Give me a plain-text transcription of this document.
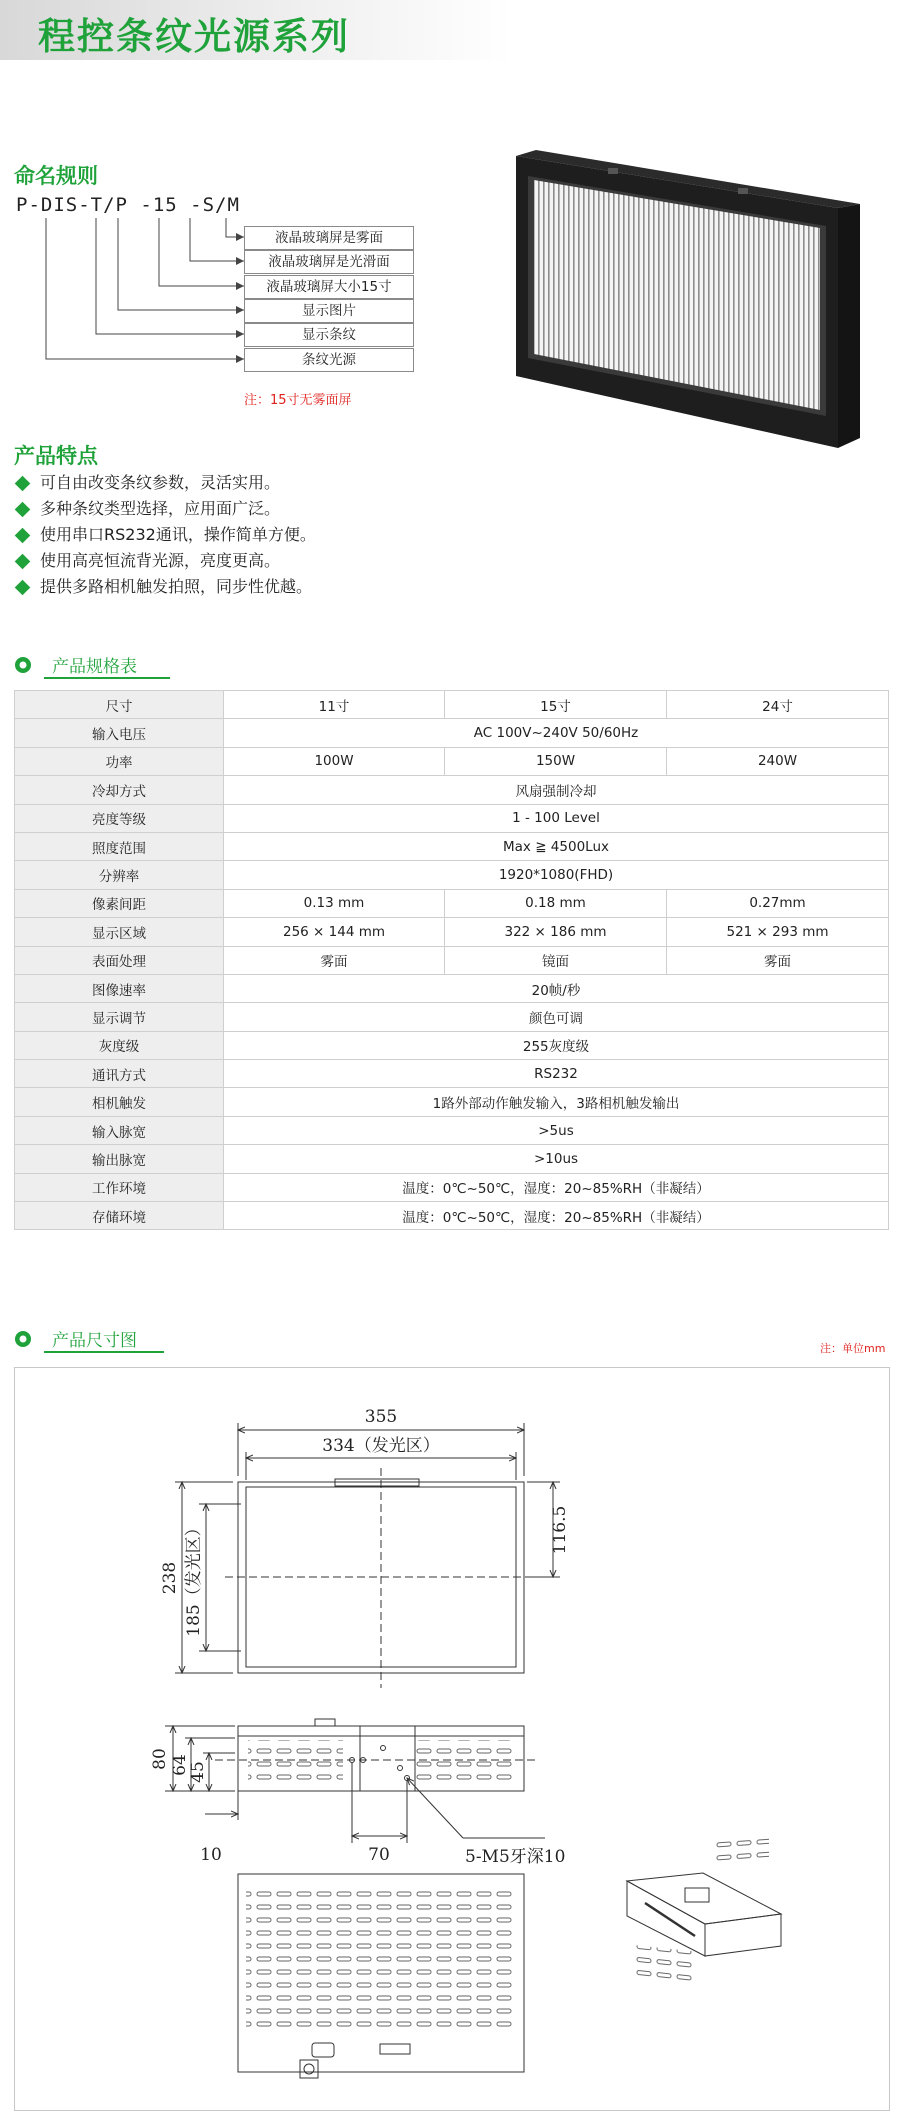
程控条纹光源系列
命名规则
P-DIS-T/P -15 -S/M
液晶玻璃屏是雾面
液晶玻璃屏是光滑面
液晶玻璃屏大小15寸
显示图片
显示条纹
条纹光源
注：15寸无雾面屏
产品特点
可自由改变条纹参数，灵活实用。
多种条纹类型选择，应用面广泛。
使用串口RS232通讯，操作简单方便。
使用高亮恒流背光源，亮度更高。
提供多路相机触发拍照，同步性优越。
产品规格表
尺寸	11寸	15寸	24寸
输入电压	AC 100V~240V 50/60Hz		
功率	100W	150W	240W
冷却方式	风扇强制冷却		
亮度等级	1 - 100 Level		
照度范围	Max ≧ 4500Lux		
分辨率	1920*1080(FHD)		
像素间距	0.13 mm	0.18 mm	0.27mm
显示区域	256 × 144 mm	322 × 186 mm	521 × 293 mm
表面处理	雾面	镜面	雾面
图像速率	20帧/秒		
显示调节	颜色可调		
灰度级	255灰度级		
通讯方式	RS232		
相机触发	1路外部动作触发输入，3路相机触发输出		
输入脉宽	>5us		
输出脉宽	>10us		
工作环境	温度：0℃~50℃，湿度：20~85%RH（非凝结）		
存储环境	温度：0℃~50℃，湿度：20~85%RH（非凝结）		
产品尺寸图	注：单位mm
355
334（发光区）
238 185（发光区）	116.5
80 64
45
10	70	5-M5牙深10
